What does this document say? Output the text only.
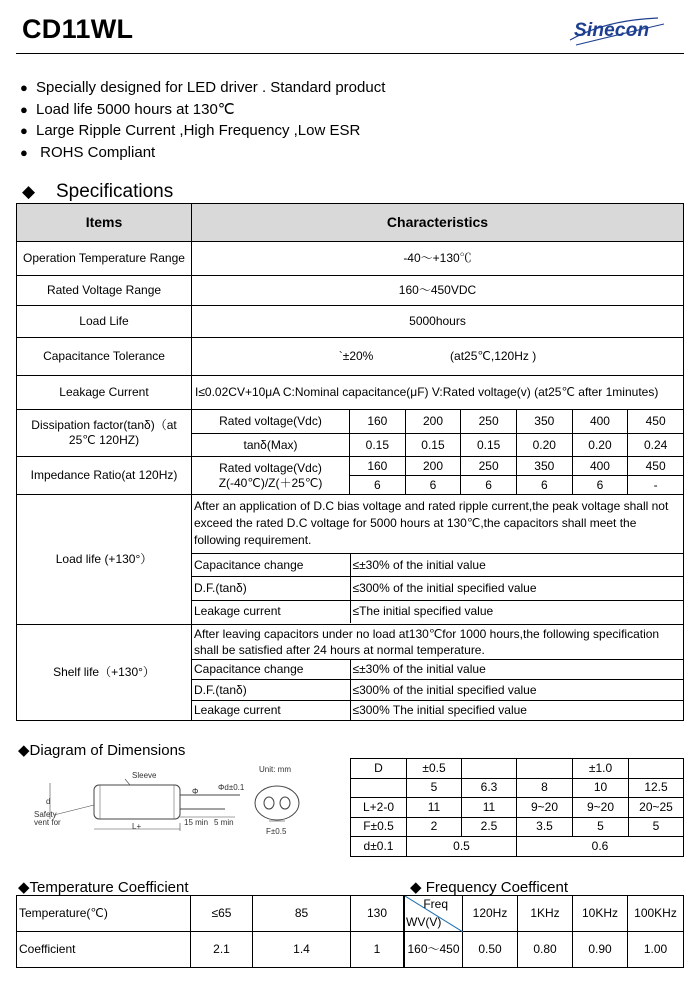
CD11WL	Sinecon
● Specially designed for LED driver . Standard product
● Load life 5000 hours at 130℃
● Large Ripple Current ,High Frequency ,Low ESR
● ROHS Compliant
◆ Specifications
Items	Characteristics
Operation Temperature Range	-40～+130℃
Rated Voltage Range	160～450VDC
Load Life	5000hours
Capacitance Tolerance	`±20%	(at25℃,120Hz )
Leakage Current	I≤0.02CV+10μA C:Nominal capacitance(μF) V:Rated voltage(v) (at25℃ after 1minutes)
Dissipation factor(tanδ)（at 25℃ 120HZ)	Rated voltage(Vdc)	160	200	250	350	400	450
tanδ(Max)	0.15	0.15	0.15	0.20	0.20	0.24
Impedance Ratio(at 120Hz)	Rated voltage(Vdc) Z(-40℃)/Z(＋25℃)	160	200	250	350	400	450
6	6	6	6	6	-
Load life (+130°）	
After an application of D.C bias voltage and rated ripple current,the peak voltage shall not exceed the rated D.C voltage for 5000 hours at 130℃,the capacitors shall meet the following requirement.
Capacitance change	≤±30% of the initial value
D.F.(tanδ)	≤300% of the initial specified value
Leakage current	≤The initial specified value

Shelf life（+130°）	
After leaving capacitors under no load at130℃for 1000 hours,the following specification shall be satisfied after 24 hours at normal temperature.
Capacitance change	≤±30% of the initial value
D.F.(tanδ)	≤300% of the initial specified value
Leakage current	≤300% The initial specified value
◆Diagram of Dimensions
Unit: mm
Sleeve
Safety vent for	L+	15 min 5 min
Φd±0.1
Φ
F±0.5
d
D	±0.5			±1.0	
	5	6.3	8	10	12.5
L+2-0	11	11	9~20	9~20	20~25
F±0.5	2	2.5	3.5	5	5
d±0.1	0.5		0.6		
◆Temperature Coefficient
Temperature(℃)	≤65	85	130
Coefficient	2.1	1.4	1
◆ Frequency Coefficent
Freq
WV(V)	120Hz	1KHz	10KHz	100KHz
160～450	0.50	0.80	0.90	1.00
